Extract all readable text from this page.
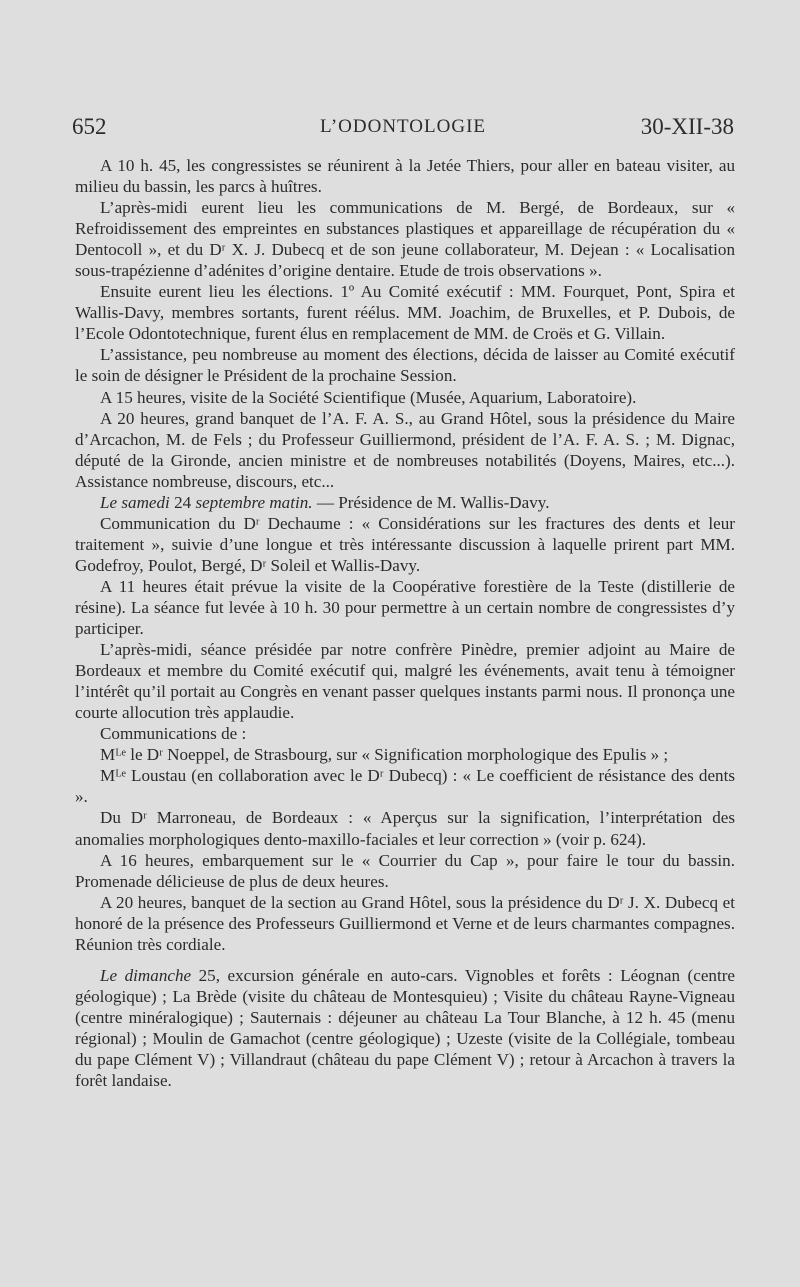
652	L’ODONTOLOGIE	30-XII-38

A 10 h. 45, les congressistes se réunirent à la Jetée Thiers, pour aller en bateau visiter, au milieu du bassin, les parcs à huîtres.

L’après-midi eurent lieu les communications de M. Bergé, de Bordeaux, sur « Refroidissement des empreintes en substances plastiques et appareillage de récupération du « Dentocoll », et du Dʳ X. J. Dubecq et de son jeune collaborateur, M. Dejean : « Localisation sous-trapézienne d’adénites d’origine dentaire. Etude de trois observations ».

Ensuite eurent lieu les élections. 1º Au Comité exécutif : MM. Fourquet, Pont, Spira et Wallis-Davy, membres sortants, furent réélus. MM. Joachim, de Bruxelles, et P. Dubois, de l’Ecole Odontotechnique, furent élus en remplacement de MM. de Croës et G. Villain.

L’assistance, peu nombreuse au moment des élections, décida de laisser au Comité exécutif le soin de désigner le Président de la prochaine Session.

A 15 heures, visite de la Société Scientifique (Musée, Aquarium, Laboratoire).

A 20 heures, grand banquet de l’A. F. A. S., au Grand Hôtel, sous la présidence du Maire d’Arcachon, M. de Fels ; du Professeur Guilliermond, président de l’A. F. A. S. ; M. Dignac, député de la Gironde, ancien ministre et de nombreuses notabilités (Doyens, Maires, etc...). Assistance nombreuse, discours, etc...

Le samedi 24 septembre matin. — Présidence de M. Wallis-Davy.

Communication du Dʳ Dechaume : « Considérations sur les fractures des dents et leur traitement », suivie d’une longue et très intéressante discussion à laquelle prirent part MM. Godefroy, Poulot, Bergé, Dʳ Soleil et Wallis-Davy.

A 11 heures était prévue la visite de la Coopérative forestière de la Teste (distillerie de résine). La séance fut levée à 10 h. 30 pour permettre à un certain nombre de congressistes d’y participer.

L’après-midi, séance présidée par notre confrère Pinèdre, premier adjoint au Maire de Bordeaux et membre du Comité exécutif qui, malgré les événements, avait tenu à témoigner l’intérêt qu’il portait au Congrès en venant passer quelques instants parmi nous. Il prononça une courte allocution très applaudie.

Communications de :

Mᴸᵉ le Dʳ Noeppel, de Strasbourg, sur « Signification morphologique des Epulis » ;

Mᴸᵉ Loustau (en collaboration avec le Dʳ Dubecq) : « Le coefficient de résistance des dents ».

Du Dʳ Marroneau, de Bordeaux : « Aperçus sur la signification, l’interprétation des anomalies morphologiques dento-maxillo-faciales et leur correction » (voir p. 624).

A 16 heures, embarquement sur le « Courrier du Cap », pour faire le tour du bassin. Promenade délicieuse de plus de deux heures.

A 20 heures, banquet de la section au Grand Hôtel, sous la présidence du Dʳ J. X. Dubecq et honoré de la présence des Professeurs Guilliermond et Verne et de leurs charmantes compagnes. Réunion très cordiale.

Le dimanche 25, excursion générale en auto-cars. Vignobles et forêts : Léognan (centre géologique) ; La Brède (visite du château de Montesquieu) ; Visite du château Rayne-Vigneau (centre minéralogique) ; Sauternais : déjeuner au château La Tour Blanche, à 12 h. 45 (menu régional) ; Moulin de Gamachot (centre géologique) ; Uzeste (visite de la Collégiale, tombeau du pape Clément V) ; Villandraut (château du pape Clément V) ; retour à Arcachon à travers la forêt landaise.
